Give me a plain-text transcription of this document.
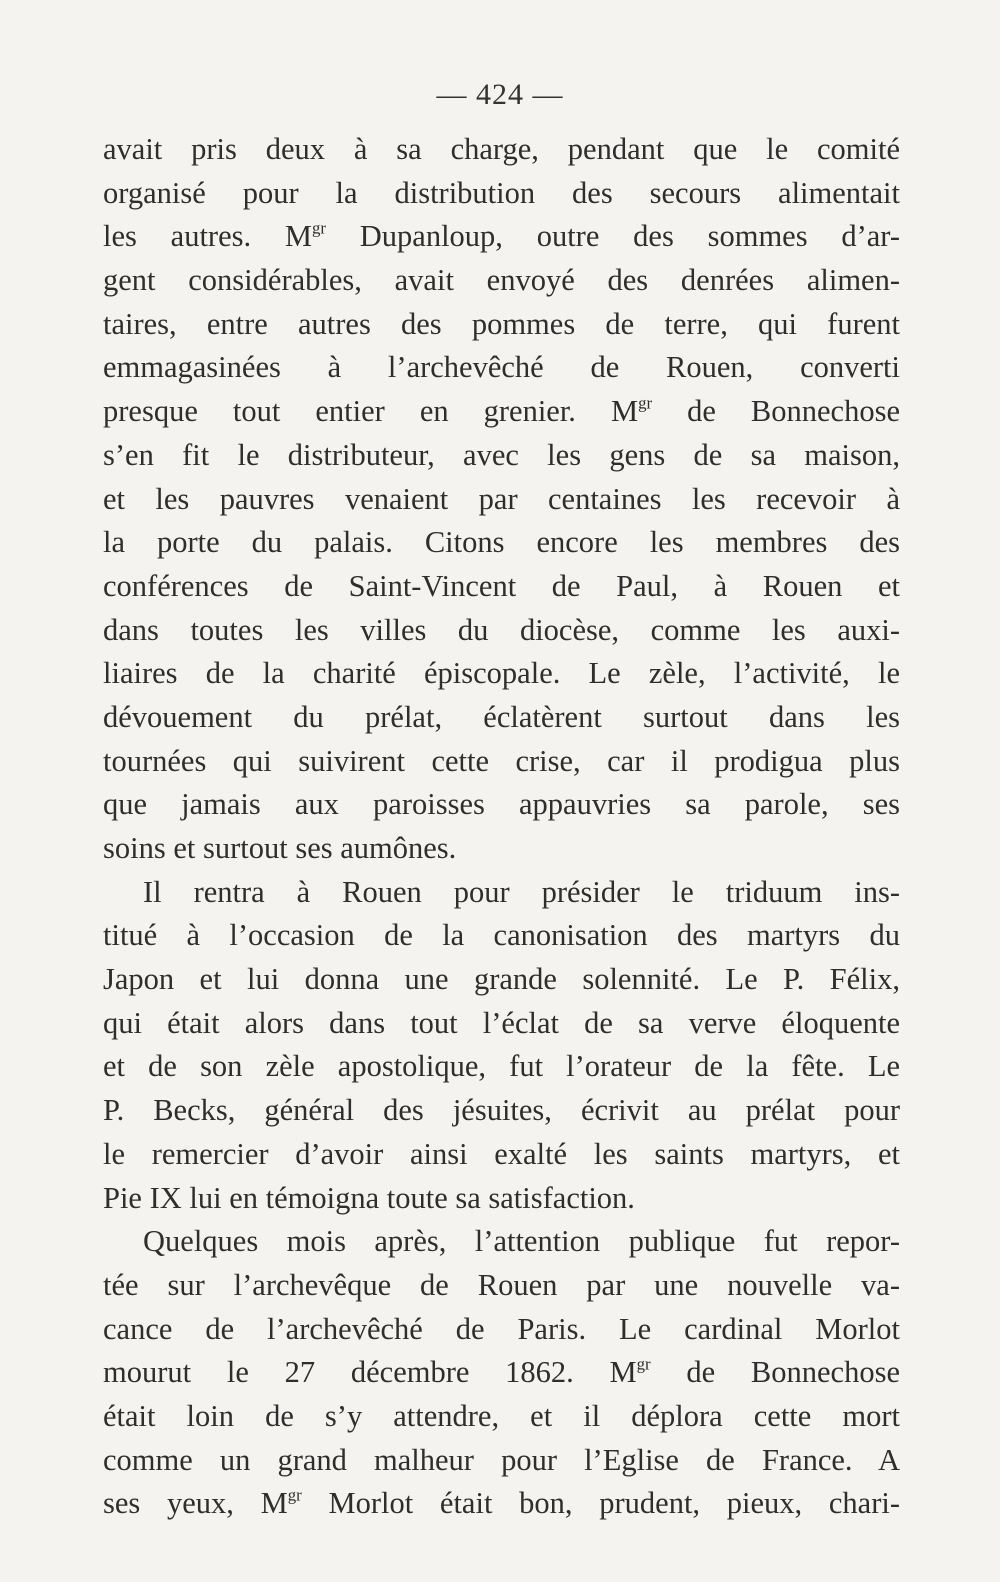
— 424 —
avait pris deux à sa charge, pendant que le comité
organisé pour la distribution des secours alimentait
les autres. $M^{gr}$ Dupanloup, outre des sommes d’ar-
gent considérables, avait envoyé des denrées alimen-
taires, entre autres des pommes de terre, qui furent
emmagasinées à l’archevêché de Rouen, converti
presque tout entier en grenier. $M^{gr}$ de Bonnechose
s’en fit le distributeur, avec les gens de sa maison,
et les pauvres venaient par centaines les recevoir à
la porte du palais. Citons encore les membres des
conférences de Saint-Vincent de Paul, à Rouen et
dans toutes les villes du diocèse, comme les auxi-
liaires de la charité épiscopale. Le zèle, l’activité, le
dévouement du prélat, éclatèrent surtout dans les
tournées qui suivirent cette crise, car il prodigua plus
que jamais aux paroisses appauvries sa parole, ses
soins et surtout ses aumônes.
Il rentra à Rouen pour présider le triduum ins-
titué à l’occasion de la canonisation des martyrs du
Japon et lui donna une grande solennité. Le P. Félix,
qui était alors dans tout l’éclat de sa verve éloquente
et de son zèle apostolique, fut l’orateur de la fête. Le
P. Becks, général des jésuites, écrivit au prélat pour
le remercier d’avoir ainsi exalté les saints martyrs, et
Pie IX lui en témoigna toute sa satisfaction.
Quelques mois après, l’attention publique fut repor-
tée sur l’archevêque de Rouen par une nouvelle va-
cance de l’archevêché de Paris. Le cardinal Morlot
mourut le 27 décembre 1862. $M^{gr}$ de Bonnechose
était loin de s’y attendre, et il déplora cette mort
comme un grand malheur pour l’Eglise de France. A
ses yeux, $M^{gr}$ Morlot était bon, prudent, pieux, chari-
